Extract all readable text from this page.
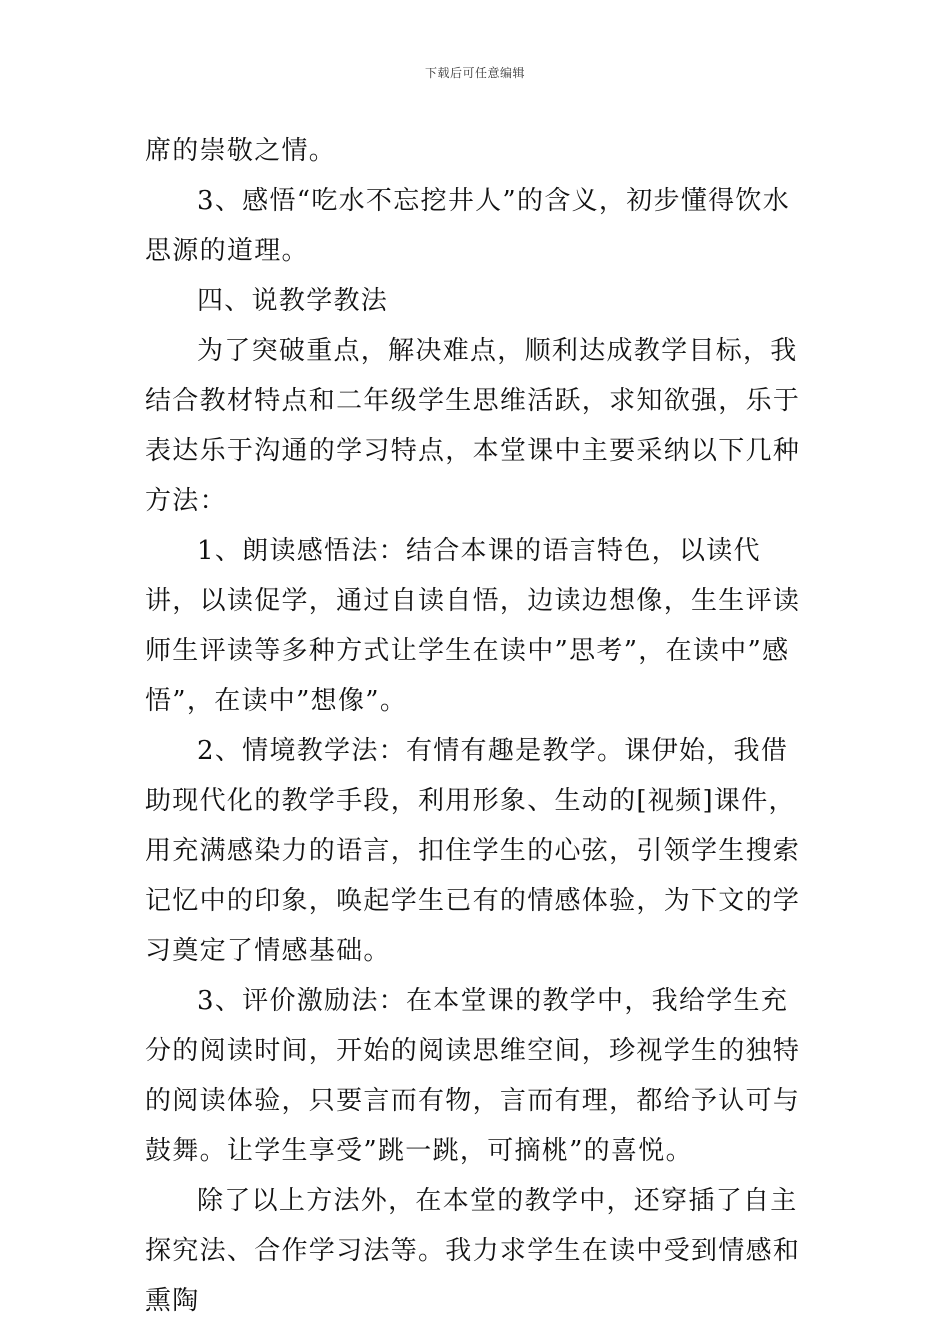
下载后可任意编辑

席的崇敬之情。

3、感悟“吃水不忘挖井人”的含义，初步懂得饮水思源的道理。

四、说教学教法

为了突破重点，解决难点，顺利达成教学目标，我结合教材特点和二年级学生思维活跃，求知欲强，乐于表达乐于沟通的学习特点，本堂课中主要采纳以下几种方法：

1、朗读感悟法：结合本课的语言特色，以读代讲，以读促学，通过自读自悟，边读边想像，生生评读师生评读等多种方式让学生在读中”思考”，在读中”感悟”，在读中”想像”。

2、情境教学法：有情有趣是教学。课伊始，我借助现代化的教学手段，利用形象、生动的[视频]课件，用充满感染力的语言，扣住学生的心弦，引领学生搜索记忆中的印象，唤起学生已有的情感体验，为下文的学习奠定了情感基础。

3、评价激励法：在本堂课的教学中，我给学生充分的阅读时间，开始的阅读思维空间，珍视学生的独特的阅读体验，只要言而有物，言而有理，都给予认可与鼓舞。让学生享受”跳一跳，可摘桃”的喜悦。

除了以上方法外，在本堂的教学中，还穿插了自主探究法、合作学习法等。我力求学生在读中受到情感和熏陶
